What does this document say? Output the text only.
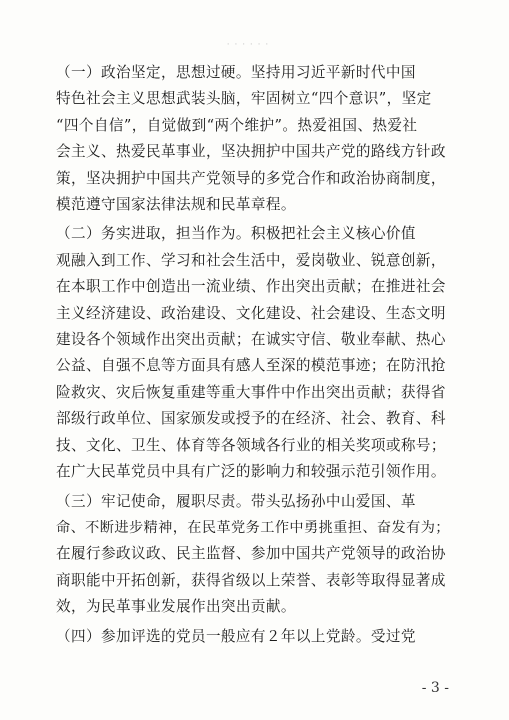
· · · · · ·

（一）政治坚定，思想过硬。坚持用习近平新时代中国
特色社会主义思想武装头脑，牢固树立“四个意识”，坚定
“四个自信”，自觉做到“两个维护”。热爱祖国、热爱社
会主义、热爱民革事业，坚决拥护中国共产党的路线方针政
策，坚决拥护中国共产党领导的多党合作和政治协商制度，
模范遵守国家法律法规和民革章程。

（二）务实进取，担当作为。积极把社会主义核心价值
观融入到工作、学习和社会生活中，爱岗敬业、锐意创新，
在本职工作中创造出一流业绩、作出突出贡献；在推进社会
主义经济建设、政治建设、文化建设、社会建设、生态文明
建设各个领域作出突出贡献；在诚实守信、敬业奉献、热心
公益、自强不息等方面具有感人至深的模范事迹；在防汛抢
险救灾、灾后恢复重建等重大事件中作出突出贡献；获得省
部级行政单位、国家颁发或授予的在经济、社会、教育、科
技、文化、卫生、体育等各领域各行业的相关奖项或称号；
在广大民革党员中具有广泛的影响力和较强示范引领作用。

（三）牢记使命，履职尽责。带头弘扬孙中山爱国、革
命、不断进步精神，在民革党务工作中勇挑重担、奋发有为；
在履行参政议政、民主监督、参加中国共产党领导的政治协
商职能中开拓创新，获得省级以上荣誉、表彰等取得显著成
效，为民革事业发展作出突出贡献。

（四）参加评选的党员一般应有２年以上党龄。受过党

- 3 -
